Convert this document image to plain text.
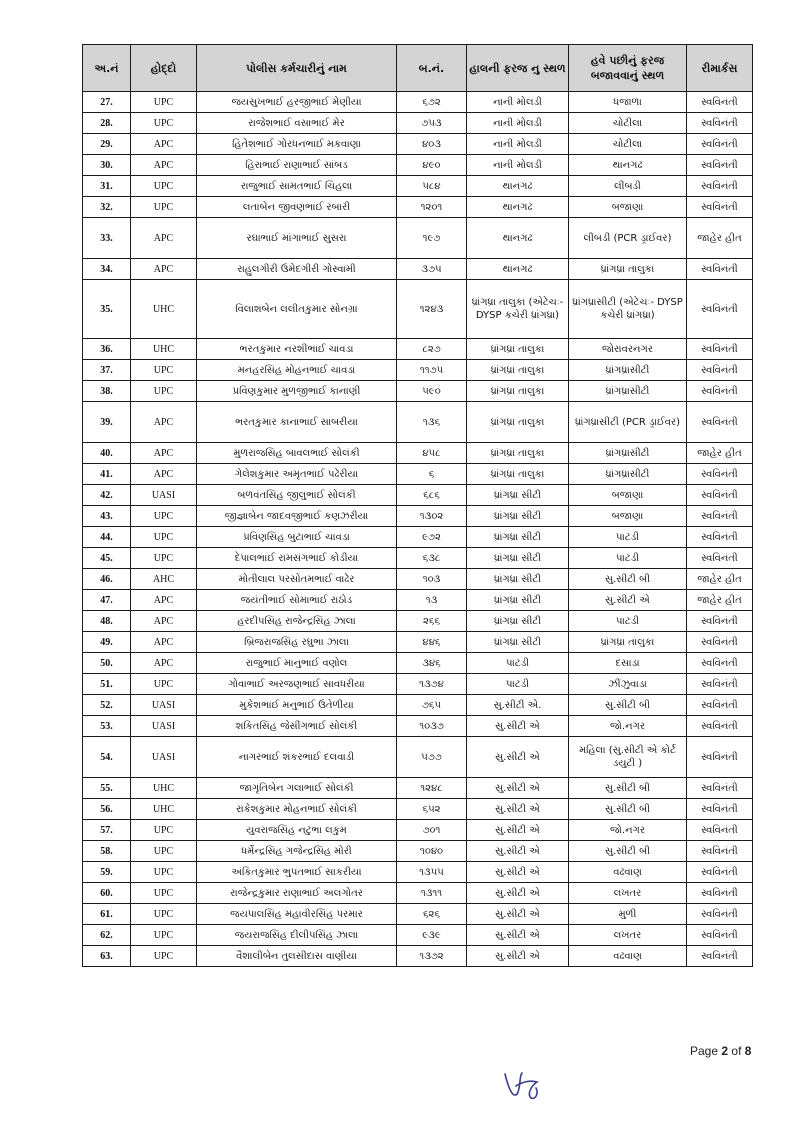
અ.નં	હોદ્દો	પોલીસ કર્મચારીનું નામ	બ.નં.	હાલની ફરજ નુ સ્થળ	હવે પછીનું ફરજ બજાવવાનું સ્થળ	રીમાર્કસ
27.	UPC	જયસુખભાઈ હરજીભાઈ મેણીયા	૬૭૨	નાની મોલડી	ધજાળા	સ્વવિનંતી
28.	UPC	રાજેશભાઈ વસાભાઈ મેર	૭૫૩	નાની મોલડી	ચોટીલા	સ્વવિનંતી
29.	APC	હિતેશભાઈ ગોરધનભાઈ મકવાણા	૪૦૩	નાની મોલડી	ચોટીલા	સ્વવિનંતી
30.	APC	હિરાભાઈ રાણાભાઈ સાંબડ	૪૯૦	નાની મોલડી	થાનગઢ	સ્વવિનંતી
31.	UPC	રાજુભાઈ સામતભાઈ ચિહલા	૫૮૪	થાનગઢ	લીંબડી	સ્વવિનંતી
32.	UPC	લતાબેન જીવણભાઈ રબારી	૧૨૦૧	થાનગઢ	બજાણા	સ્વવિનંતી
33.	APC	રઘાભાઈ માંગાભાઈ સુસરા	૧૯૭	થાનગઢ	લીંબડી (PCR ડ્રાઈવર)	જાહેર હીત
34.	APC	રાહુલગીરી ઉમેદગીરી ગોસ્વામી	૩૭૫	થાનગઢ	ધ્રાંગધ્રા તાલુકા	સ્વવિનંતી
35.	UHC	વિલાશબેન લલીતકુમાર સોનગ્રા	૧૨૪૩	ધ્રાંગધ્રા તાલુકા (એટેચઃ- DYSP કચેરી ધ્રાંગધ્રા)	ધ્રાંગધ્રાસીટી (એટેચઃ- DYSP કચેરી ધ્રાંગધ્રા)	સ્વવિનંતી
36.	UHC	ભરતકુમાર નરશીભાઈ ચાવડા	૮૨૭	ધ્રાંગધ્રા તાલુકા	જોરાવરનગર	સ્વવિનંતી
37.	UPC	મનહરસિંહ મોહનભાઈ ચાવડા	૧૧૭૫	ધ્રાંગધ્રા તાલુકા	ધ્રાંગધ્રાસીટી	સ્વવિનંતી
38.	UPC	પ્રવિણકુમાર મુળજીભાઈ કાનાણી	૫૯૦	ધ્રાંગધ્રા તાલુકા	ધ્રાંગધ્રાસીટી	સ્વવિનંતી
39.	APC	ભરતકુમાર કાનાભાઈ સાબરીયા	૧૩૬	ધ્રાંગધ્રા તાલુકા	ધ્રાંગધ્રાસીટી (PCR ડ્રાઈવર)	સ્વવિનંતી
40.	APC	મુળરાજસિંહ બાવલભાઈ સોલંકી	૪૫૮	ધ્રાંગધ્રા તાલુકા	ધ્રાંગધ્રાસીટી	જાહેર હીત
41.	APC	ગેલેશકુમાર અમૃતભાઈ પઢેરીયા	૬	ધ્રાંગધ્રા તાલુકા	ધ્રાંગધ્રાસીટી	સ્વવિનંતી
42.	UASI	બળવંતસિંહ જીલુભાઈ સોલંકી	૬૮૬	ધ્રાંગધ્રા સીટી	બજાણા	સ્વવિનંતી
43.	UPC	જીજ્ઞાબેન જાદવજીભાઈ કણઝરીયા	૧૩૦૨	ધ્રાંગધ્રા સીટી	બજાણા	સ્વવિનંતી
44.	UPC	પ્રવિણસિંહ બુટાભાઈ ચાવડા	૯૭૨	ધ્રાંગધ્રા સીટી	પાટડી	સ્વવિનંતી
45.	UPC	દેપાલભાઈ રામસંગભાઈ કોડીયા	૬૩૮	ધ્રાંગધ્રા સીટી	પાટડી	સ્વવિનંતી
46.	AHC	મોતીલાલ પરસોતમભાઈ વાઢેર	૧૦૩	ધ્રાંગધ્રા સીટી	સુ.સીટી બી	જાહેર હીત
47.	APC	જયંતીભાઈ સોમાભાઈ રાઠોડ	૧૩	ધ્રાંગધ્રા સીટી	સુ.સીટી એ	જાહેર હીત
48.	APC	હરદીપસિંહ રાજેન્દ્રસિંહ ઝાલા	૨૬૬	ધ્રાંગધ્રા સીટી	પાટડી	સ્વવિનંતી
49.	APC	બ્રિજરાજસિંહ રઘુભા ઝાલા	૪૪૬	ધ્રાંગધ્રા સીટી	ધ્રાંગધ્રા તાલુકા	સ્વવિનંતી
50.	APC	રાજુભાઈ માનુભાઈ વણોલ	૩૪૬	પાટડી	દસાડા	સ્વવિનંતી
51.	UPC	ગોવાભાઈ અરજણભાઈ સાવધરીયા	૧૩૭૪	પાટડી	ઝીંઝુવાડા	સ્વવિનંતી
52.	UASI	મુકેશભાઈ મનુભાઈ ઉતેળીયા	૭૬૫	સુ.સીટી એ.	સુ.સીટી બી	સ્વવિનંતી
53.	UASI	શકિતસિંહ જેસીંગભાઈ સોલંકી	૧૦૩૭	સુ.સીટી એ	જો.નગર	સ્વવિનંતી
54.	UASI	નાગરભાઈ શંકરભાઈ દલવાડી	૫૭૭	સુ.સીટી એ	મહિલા (સુ.સીટી એ કોર્ટ ડયુટી )	સ્વવિનંતી
55.	UHC	જાગૃતિબેન ગલાભાઈ સોલંકી	૧૨૪૮	સુ.સીટી એ	સુ.સીટી બી	સ્વવિનંતી
56.	UHC	રાકેશકુમાર મોહનભાઈ સોલંકી	૬૫૨	સુ.સીટી એ	સુ.સીટી બી	સ્વવિનંતી
57.	UPC	યુવરાજસિંહ નટુભા લકુમ	૭૦૧	સુ.સીટી એ	જો.નગર	સ્વવિનંતી
58.	UPC	ધર્મેન્દ્રસિંહ ગજેન્દ્રસિંહ મોરી	૧૦૪૦	સુ.સીટી એ	સુ.સીટી બી	સ્વવિનંતી
59.	UPC	અંકિતકુમાર ભુપતભાઈ સાકરીયા	૧૩૫૫	સુ.સીટી એ	વઢવાણ	સ્વવિનંતી
60.	UPC	રાજેન્દ્રકુમાર રાણાભાઈ અલગોતર	૧૩૧૧	સુ.સીટી એ	લખતર	સ્વવિનંતી
61.	UPC	જયપાલસિંહ મહાવીરસિંહ પરમાર	૬૨૬	સુ.સીટી એ	મુળી	સ્વવિનંતી
62.	UPC	જયરાજસિંહ દીલીપસિંહ ઝાલા	૯૩૯	સુ.સીટી એ	લખતર	સ્વવિનંતી
63.	UPC	વૈશાલીબેન તુલસીદાસ વાણીયા	૧૩૭૨	સુ.સીટી એ	વઢવાણ	સ્વવિનંતી
Page 2 of 8
